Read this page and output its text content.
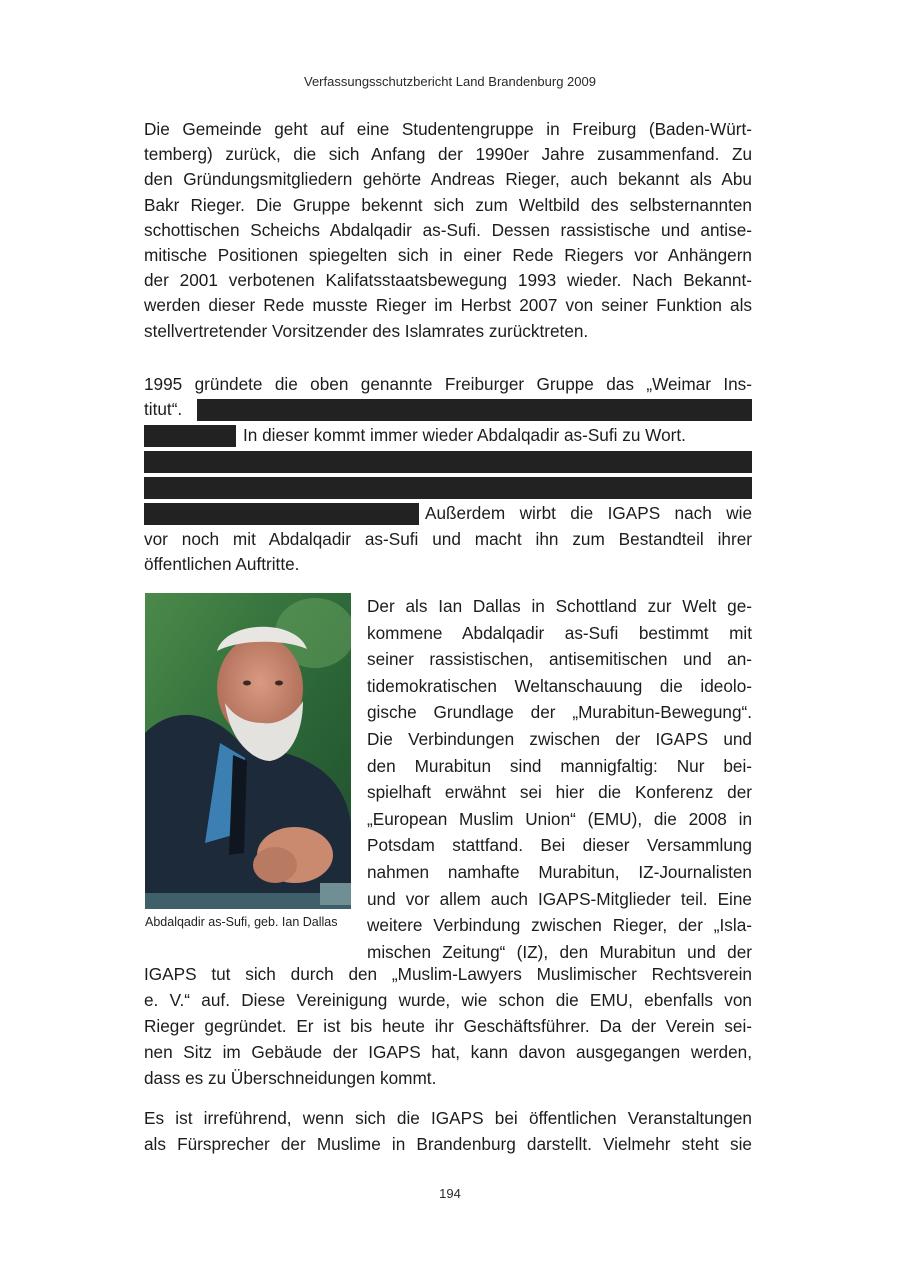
Verfassungsschutzbericht Land Brandenburg 2009
Die Gemeinde geht auf eine Studentengruppe in Freiburg (Baden-Würt-
temberg) zurück, die sich Anfang der 1990er Jahre zusammenfand. Zu
den Gründungsmitgliedern gehörte Andreas Rieger, auch bekannt als Abu
Bakr Rieger. Die Gruppe bekennt sich zum Weltbild des selbsternannten
schottischen Scheichs Abdalqadir as-Sufi. Dessen rassistische und antise-
mitische Positionen spiegelten sich in einer Rede Riegers vor Anhängern
der 2001 verbotenen Kalifatsstaatsbewegung 1993 wieder. Nach Bekannt-
werden dieser Rede musste Rieger im Herbst 2007 von seiner Funktion als
stellvertretender Vorsitzender des Islamrates zurücktreten.
1995 gründete die oben genannte Freiburger Gruppe das „Weimar Ins-
titut“.
In dieser kommt immer wieder Abdalqadir as-Sufi zu Wort.
Außerdem wirbt die IGAPS nach wie
vor noch mit Abdalqadir as-Sufi und macht ihn zum Bestandteil ihrer
öffentlichen Auftritte.
Abdalqadir as-Sufi, geb. Ian Dallas
Der als Ian Dallas in Schottland zur Welt ge-
kommene Abdalqadir as-Sufi bestimmt mit
seiner rassistischen, antisemitischen und an-
tidemokratischen Weltanschauung die ideolo-
gische Grundlage der „Murabitun-Bewegung“.
Die Verbindungen zwischen der IGAPS und
den Murabitun sind mannigfaltig: Nur bei-
spielhaft erwähnt sei hier die Konferenz der
„European Muslim Union“ (EMU), die 2008 in
Potsdam stattfand. Bei dieser Versammlung
nahmen namhafte Murabitun, IZ-Journalisten
und vor allem auch IGAPS-Mitglieder teil. Eine
weitere Verbindung zwischen Rieger, der „Isla-
mischen Zeitung“ (IZ), den Murabitun und der
IGAPS tut sich durch den „Muslim-Lawyers Muslimischer Rechtsverein
e. V.“ auf. Diese Vereinigung wurde, wie schon die EMU, ebenfalls von
Rieger gegründet. Er ist bis heute ihr Geschäftsführer. Da der Verein sei-
nen Sitz im Gebäude der IGAPS hat, kann davon ausgegangen werden,
dass es zu Überschneidungen kommt.
Es ist irreführend, wenn sich die IGAPS bei öffentlichen Veranstaltungen
als Fürsprecher der Muslime in Brandenburg darstellt. Vielmehr steht sie
194
